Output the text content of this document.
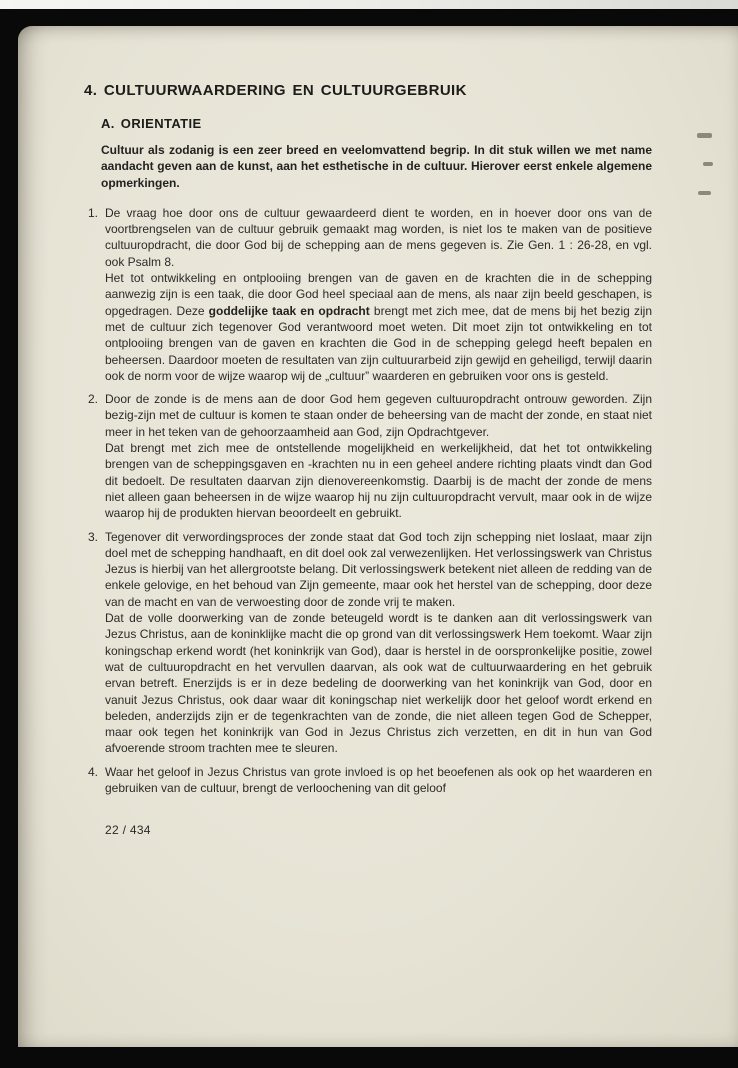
4. CULTUURWAARDERING EN CULTUURGEBRUIK
A. ORIENTATIE

Cultuur als zodanig is een zeer breed en veelomvattend begrip. In dit stuk willen we met name aandacht geven aan de kunst, aan het esthetische in de cultuur. Hierover eerst enkele algemene opmerkingen.

1. De vraag hoe door ons de cultuur gewaardeerd dient te worden, en in hoever door ons van de voortbrengselen van de cultuur gebruik gemaakt mag worden, is niet los te maken van de positieve cultuuropdracht, die door God bij de schepping aan de mens gegeven is. Zie Gen. 1 : 26-28, en vgl. ook Psalm 8.

Het tot ontwikkeling en ontplooiing brengen van de gaven en de krachten die in de schepping aanwezig zijn is een taak, die door God heel speciaal aan de mens, als naar zijn beeld geschapen, is opgedragen. Deze goddelijke taak en opdracht brengt met zich mee, dat de mens bij het bezig zijn met de cultuur zich tegenover God verantwoord moet weten. Dit moet zijn tot ontwikkeling en tot ontplooiing brengen van de gaven en krachten die God in de schepping gelegd heeft bepalen en beheersen. Daardoor moeten de resultaten van zijn cultuurarbeid zijn gewijd en geheiligd, terwijl daarin ook de norm voor de wijze waarop wij de „cultuur” waarderen en gebruiken voor ons is gesteld.

2. Door de zonde is de mens aan de door God hem gegeven cultuuropdracht ontrouw geworden. Zijn bezig-zijn met de cultuur is komen te staan onder de beheersing van de macht der zonde, en staat niet meer in het teken van de gehoorzaamheid aan God, zijn Opdrachtgever.

Dat brengt met zich mee de ontstellende mogelijkheid en werkelijkheid, dat het tot ontwikkeling brengen van de scheppingsgaven en -krachten nu in een geheel andere richting plaats vindt dan God dit bedoelt. De resultaten daarvan zijn dienovereenkomstig. Daarbij is de macht der zonde de mens niet alleen gaan beheersen in de wijze waarop hij nu zijn cultuuropdracht vervult, maar ook in de wijze waarop hij de produkten hiervan beoordeelt en gebruikt.

3. Tegenover dit verwordingsproces der zonde staat dat God toch zijn schepping niet loslaat, maar zijn doel met de schepping handhaaft, en dit doel ook zal verwezenlijken. Het verlossingswerk van Christus Jezus is hierbij van het allergrootste belang. Dit verlossingswerk betekent niet alleen de redding van de enkele gelovige, en het behoud van Zijn gemeente, maar ook het herstel van de schepping, door deze van de macht en van de verwoesting door de zonde vrij te maken.

Dat de volle doorwerking van de zonde beteugeld wordt is te danken aan dit verlossingswerk van Jezus Christus, aan de koninklijke macht die op grond van dit verlossingswerk Hem toekomt. Waar zijn koningschap erkend wordt (het koninkrijk van God), daar is herstel in de oorspronkelijke positie, zowel wat de cultuuropdracht en het vervullen daarvan, als ook wat de cultuurwaardering en het gebruik ervan betreft. Enerzijds is er in deze bedeling de doorwerking van het koninkrijk van God, door en vanuit Jezus Christus, ook daar waar dit koningschap niet werkelijk door het geloof wordt erkend en beleden, anderzijds zijn er de tegenkrachten van de zonde, die niet alleen tegen God de Schepper, maar ook tegen het koninkrijk van God in Jezus Christus zich verzetten, en dit in hun van God afvoerende stroom trachten mee te sleuren.

4. Waar het geloof in Jezus Christus van grote invloed is op het beoefenen als ook op het waarderen en gebruiken van de cultuur, brengt de verloochening van dit geloof

22 / 434
